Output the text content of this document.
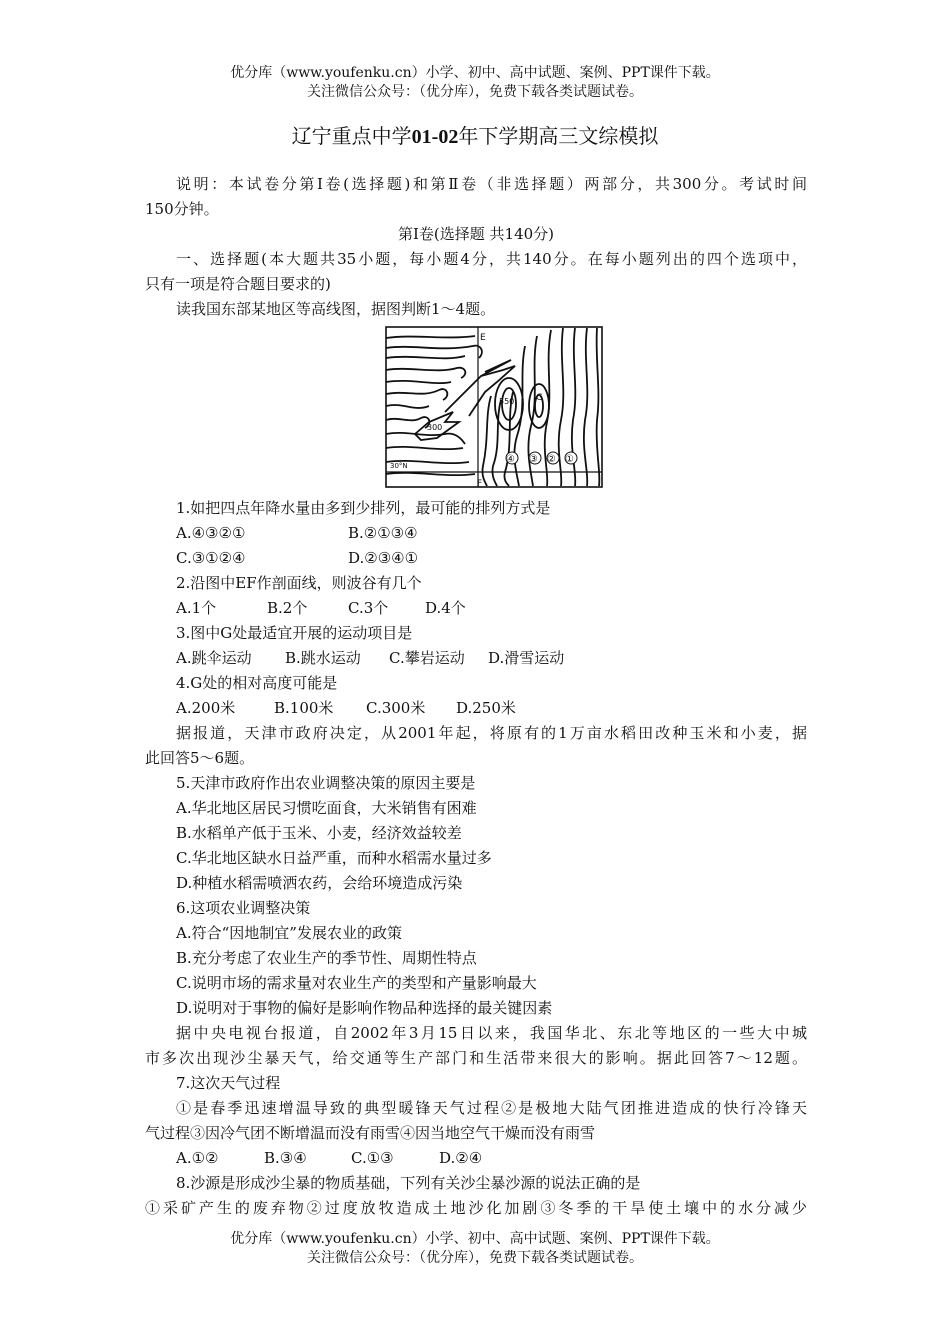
优分库（www.youfenku.cn）小学、初中、高中试题、案例、PPT课件下载。
关注微信公众号：（优分库），免费下载各类试题试卷。
辽宁重点中学01-02年下学期高三文综模拟
说明：本试卷分第Ⅰ卷(选择题)和第Ⅱ卷（非选择题）两部分，共300分。考试时间
150分钟。
第Ⅰ卷(选择题 共140分)
一、选择题(本大题共35小题，每小题4分，共140分。在每小题列出的四个选项中，
只有一项是符合题目要求的)
读我国东部某地区等高线图，据图判断1～4题。
E
F
G
550
300
30°N
④ ③ ② ①
1.如把四点年降水量由多到少排列，最可能的排列方式是
A.④③②①	B.②①③④
C.③①②④	D.②③④①
2.沿图中EF作剖面线，则波谷有几个
A.1个	B.2个	C.3个	D.4个
3.图中G处最适宜开展的运动项目是
A.跳伞运动	B.跳水运动	C.攀岩运动	D.滑雪运动
4.G处的相对高度可能是
A.200米	B.100米	C.300米	D.250米
据报道，天津市政府决定，从2001年起，将原有的1万亩水稻田改种玉米和小麦，据
此回答5～6题。
5.天津市政府作出农业调整决策的原因主要是
A.华北地区居民习惯吃面食，大米销售有困难
B.水稻单产低于玉米、小麦，经济效益较差
C.华北地区缺水日益严重，而种水稻需水量过多
D.种植水稻需喷洒农药，会给环境造成污染
6.这项农业调整决策
A.符合“因地制宜”发展农业的政策
B.充分考虑了农业生产的季节性、周期性特点
C.说明市场的需求量对农业生产的类型和产量影响最大
D.说明对于事物的偏好是影响作物品种选择的最关键因素
据中央电视台报道，自2002年3月15日以来，我国华北、东北等地区的一些大中城
市多次出现沙尘暴天气，给交通等生产部门和生活带来很大的影响。据此回答7～12题。
7.这次天气过程
①是春季迅速增温导致的典型暖锋天气过程②是极地大陆气团推进造成的快行冷锋天
气过程③因冷气团不断增温而没有雨雪④因当地空气干燥而没有雨雪
A.①②	B.③④	C.①③	D.②④
8.沙源是形成沙尘暴的物质基础，下列有关沙尘暴沙源的说法正确的是
①采矿产生的废弃物②过度放牧造成土地沙化加剧③冬季的干旱使土壤中的水分减少
优分库（www.youfenku.cn）小学、初中、高中试题、案例、PPT课件下载。
关注微信公众号：（优分库），免费下载各类试题试卷。
